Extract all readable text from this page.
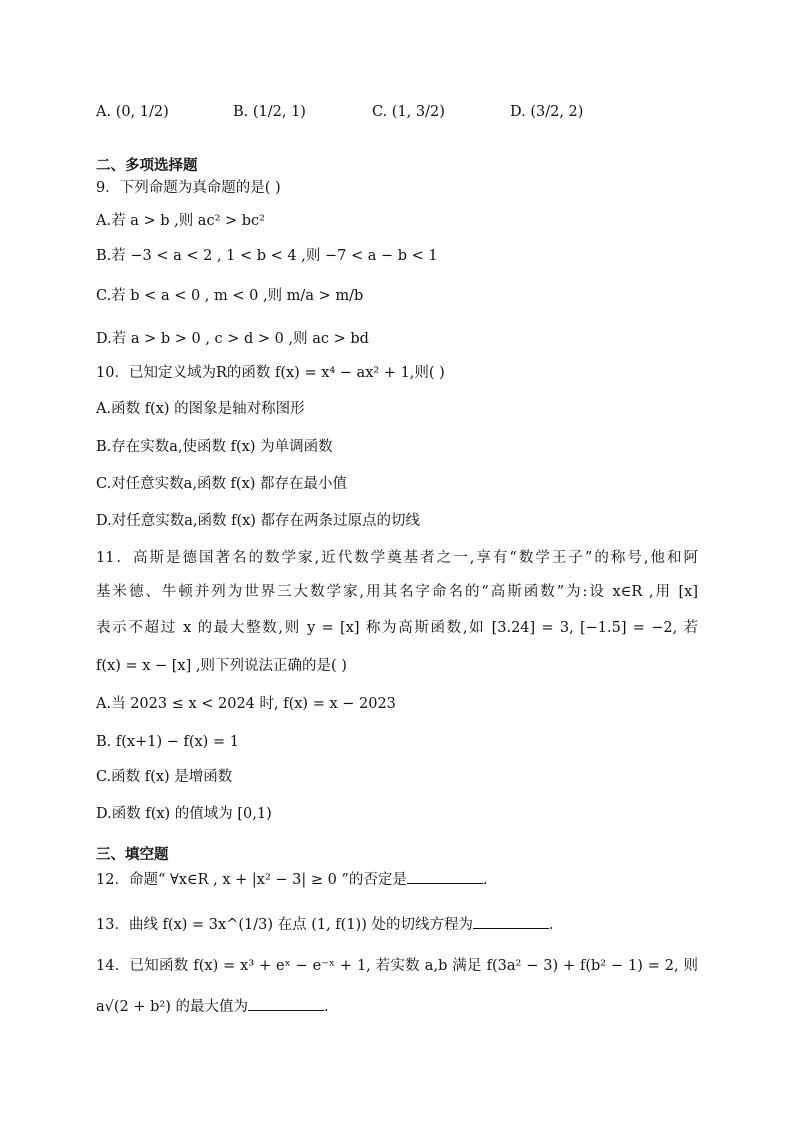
A. (0, 1/2)	B. (1/2, 1)	C. (1, 3/2)	D. (3/2, 2)
二、多项选择题
9．下列命题为真命题的是( )
A.若 a > b ,则 ac² > bc²
B.若 −3 < a < 2 , 1 < b < 4 ,则 −7 < a − b < 1
C.若 b < a < 0 , m < 0 ,则 m/a > m/b
D.若 a > b > 0 , c > d > 0 ,则 ac > bd
10．已知定义域为R的函数 f(x) = x⁴ − ax² + 1,则( )
A.函数 f(x) 的图象是轴对称图形
B.存在实数a,使函数 f(x) 为单调函数
C.对任意实数a,函数 f(x) 都存在最小值
D.对任意实数a,函数 f(x) 都存在两条过原点的切线
11．高斯是德国著名的数学家,近代数学奠基者之一,享有“数学王子”的称号,他和阿
基米德、牛顿并列为世界三大数学家,用其名字命名的“高斯函数”为:设 x∈R ,用 [x]
表示不超过 x 的最大整数,则 y = [x] 称为高斯函数,如 [3.24] = 3, [−1.5] = −2, 若
f(x) = x − [x] ,则下列说法正确的是( )
A.当 2023 ≤ x < 2024 时, f(x) = x − 2023
B. f(x+1) − f(x) = 1
C.函数 f(x) 是增函数
D.函数 f(x) 的值域为 [0,1)
三、填空题
12．命题“ ∀x∈R , x + |x² − 3| ≥ 0 ”的否定是	.
13．曲线 f(x) = 3x^(1/3) 在点 (1, f(1)) 处的切线方程为	.
14．已知函数 f(x) = x³ + eˣ − e⁻ˣ + 1, 若实数 a,b 满足 f(3a² − 3) + f(b² − 1) = 2, 则
a√(2 + b²) 的最大值为	.
